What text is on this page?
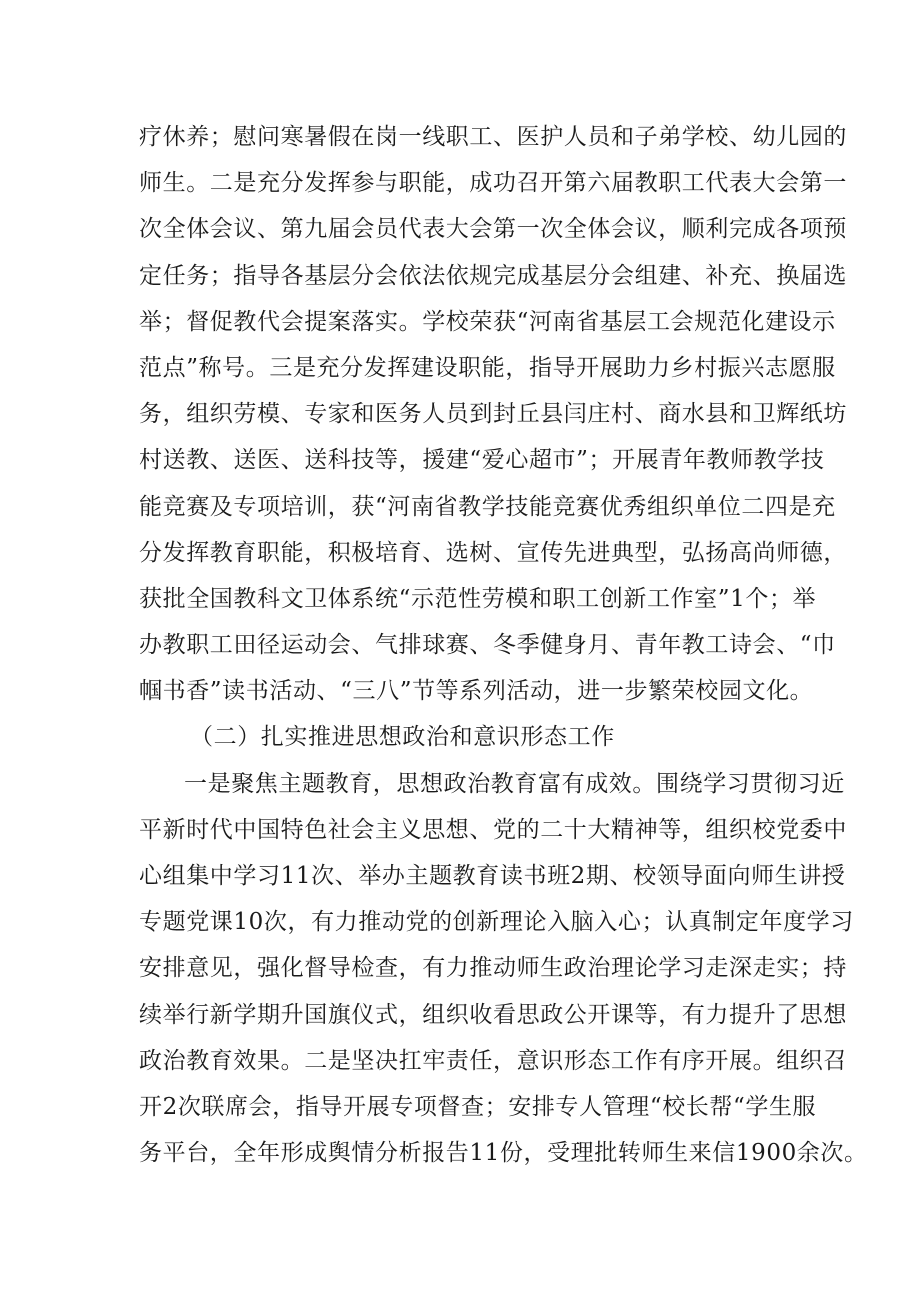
疗休养；慰问寒暑假在岗一线职工、医护人员和子弟学校、幼儿园的
师生。二是充分发挥参与职能，成功召开第六届教职工代表大会第一
次全体会议、第九届会员代表大会第一次全体会议，顺利完成各项预
定任务；指导各基层分会依法依规完成基层分会组建、补充、换届选
举；督促教代会提案落实。学校荣获“河南省基层工会规范化建设示
范点”称号。三是充分发挥建设职能，指导开展助力乡村振兴志愿服
务，组织劳模、专家和医务人员到封丘县闫庄村、商水县和卫辉纸坊
村送教、送医、送科技等，援建“爱心超市”；开展青年教师教学技
能竞赛及专项培训，获“河南省教学技能竞赛优秀组织单位二四是充
分发挥教育职能，积极培育、选树、宣传先进典型，弘扬高尚师德，
获批全国教科文卫体系统“示范性劳模和职工创新工作室”1个；举
办教职工田径运动会、气排球赛、冬季健身月、青年教工诗会、“巾
帼书香”读书活动、“三八”节等系列活动，进一步繁荣校园文化。
（二）扎实推进思想政治和意识形态工作
一是聚焦主题教育，思想政治教育富有成效。围绕学习贯彻习近
平新时代中国特色社会主义思想、党的二十大精神等，组织校党委中
心组集中学习11次、举办主题教育读书班2期、校领导面向师生讲授
专题党课10次，有力推动党的创新理论入脑入心；认真制定年度学习
安排意见，强化督导检查，有力推动师生政治理论学习走深走实；持
续举行新学期升国旗仪式，组织收看思政公开课等，有力提升了思想
政治教育效果。二是坚决扛牢责任，意识形态工作有序开展。组织召
开2次联席会，指导开展专项督查；安排专人管理“校长帮“学生服
务平台，全年形成舆情分析报告11份，受理批转师生来信1900余次。
